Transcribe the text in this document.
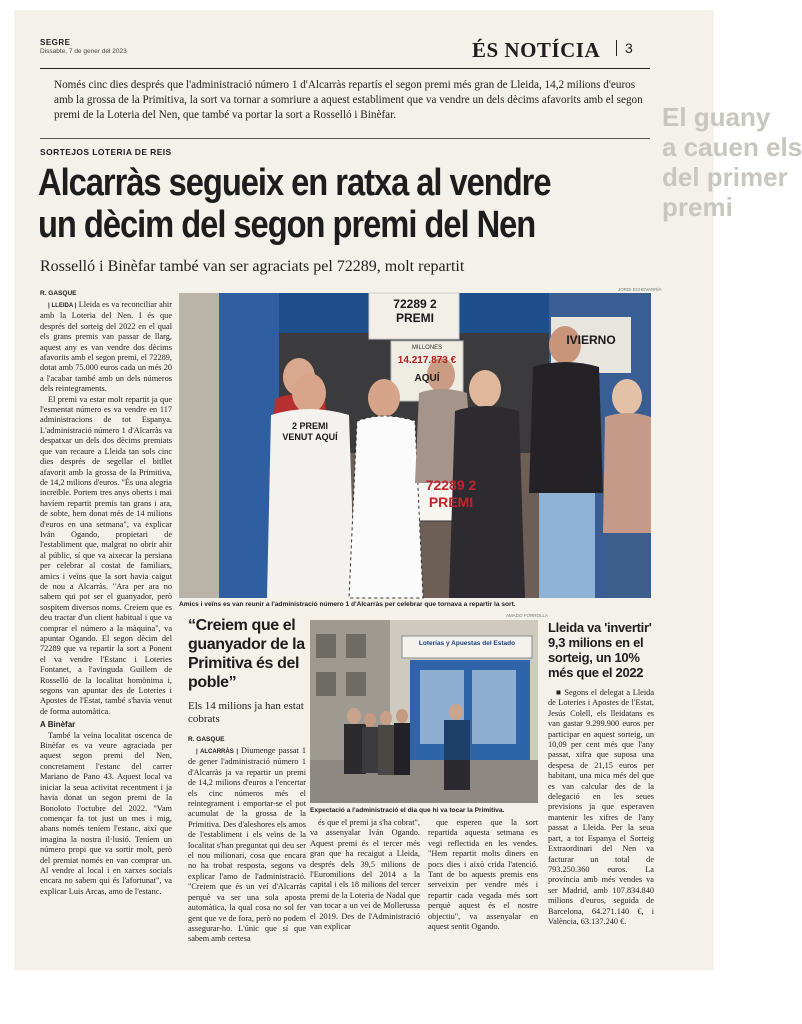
El guany
a cauen els
del primer
premi
SEGRE
Dissabte, 7 de gener del 2023	ÉS NOTÍCIA	3
Només cinc dies després que l'administració número 1 d'Alcarràs repartís el segon premi més gran de Lleida, 14,2 milions d'euros amb la grossa de la Primitiva, la sort va tornar a somriure a aquest establiment que va vendre un dels dècims afavorits amb el segon premi de la Loteria del Nen, que també va portar la sort a Rosselló i Binèfar.
SORTEJOS LOTERIA DE REIS
Alcarràs segueix en ratxa al vendre un dècim del segon premi del Nen
Rosselló i Binèfar també van ser agraciats pel 72289, molt repartit
JORDI ECHEVARRÍA
R. GASQUE

| LLEIDA | Lleida es va reconciliar ahir amb la Loteria del Nen. I és que després del sorteig del 2022 en el qual els grans premis van passar de llarg, aquest any es van vendre dos dècims afavorits amb el segon premi, el 72289, dotat amb 75.000 euros cada un més 20 a l'acabar també amb un dels números dels reintegraments.

El premi va estar molt repartit ja que l'esmentat número es va vendre en 117 administracions de tot Espanya. L'administració número 1 d'Alcarràs va despatxar un dels dos dècims premiats que van recaure a Lleida tan sols cinc dies després de segellar el bitllet afavorit amb la grossa de la Primitiva, de 14,2 milions d'euros. "És una alegria increïble. Portem tres anys oberts i mai havíem repartit premis tan grans i ara, de sobte, hem donat més de 14 milions d'euros en una setmana", va explicar Iván Ogando, propietari de l'establiment que, malgrat no obrir ahir al públic, sí que va aixecar la persiana per celebrar al costat de familiars, amics i veïns que la sort havia caigut de nou a Alcarràs. "Ara per ara no sabem qui pot ser el guanyador, però sospitem diversos noms. Creiem que es deu tractar d'un client habitual i que va comprar el número a la màquina", va apuntar Ogando. El segon dècim del 72289 que va repartir la sort a Ponent el va vendre l'Estanc i Loteries Fontanet, a l'avinguda Guillem de Rosselló de la localitat homònima i, segons van apuntar des de Loteries i Apostes de l'Estat, també s'havia venut de forma automàtica.

A Binèfar

També la veïna localitat oscenca de Binèfar es va veure agraciada per aquest segon premi del Nen, concretament l'estanc del carrer Mariano de Pano 43. Aquest local va iniciar la seua activitat recentment i ja havia donat un segon premi de la Bonoloto l'octubre del 2022. "Vam començar fa tot just un mes i mig, abans només teníem l'estanc, així que imagina la nostra il·lusió. Teníem un número propi que va sortir molt, però del premiat només en van comprar un. Al vendre al local i en xarxes socials encara no sabem qui és l'afortunat", va explicar Luis Arcas, amo de l'estanc.

72289 2 PREMI
MILLONES
14.217.873 €
AQUÍ
2 PREMI VENUT AQUÍ
72289 2 PREMI
IVIERNO
Amics i veïns es van reunir a l'administració número 1 d'Alcarràs per celebrar que tornava a repartir la sort.
“Creiem que el guanyador de la Primitiva és del poble”
Els 14 milions ja han estat cobrats
R. GASQUE

| ALCARRÀS | Diumenge passat 1 de gener l'administració número 1 d'Alcarràs ja va repartir un premi de 14,2 milions d'euros a l'encertar els cinc números més el reintegrament i emportar-se el pot acumulat de la grossa de la Primitiva. Des d'aleshores els amos de l'establiment i els veïns de la localitat s'han preguntat qui deu ser el nou milionari, cosa que encara no ha trobat resposta, segons va explicar l'amo de l'administració. "Creiem que és un veí d'Alcarràs perquè va ser una sola aposta automàtica, la qual cosa no sol fer gent que ve de fora, però no podem assegurar-ho. L'únic que sí que sabem amb certesa

AMADO FORROLLA
Loterías y Apuestas del Estado
Expectació a l'administració el dia que hi va tocar la Primitiva.

és que el premi ja s'ha cobrat", va assenyalar Iván Ogando. Aquest premi és el tercer més gran que ha recaigut a Lleida, després dels 39,5 milions de l'Euromilions del 2014 a la capital i els 18 milions del tercer premi de la Loteria de Nadal que van tocar a un veí de Mollerussa el 2019. Des de l'Administració van explicar

que esperen que la sort repartida aquesta setmana es vegi reflectida en les vendes. "Hem repartit molts diners en pocs dies i això crida l'atenció. Tant de bo aquests premis ens serveixin per vendre més i repartir cada vegada més sort perquè aquest és el nostre objectiu", va assenyalar en aquest sentit Ogando.

Lleida va 'invertir' 9,3 milions en el sorteig, un 10% més que el 2022

■ Segons el delegat a Lleida de Loteries i Apostes de l'Estat, Jesús Colell, els lleidatans es van gastar 9.299.900 euros per participar en aquest sorteig, un 10,09 per cent més que l'any passat, xifra que suposa una despesa de 21,15 euros per habitant, una mica més del que es van calcular des de la delegació en les seues previsions ja que esperaven mantenir les xifres de l'any passat a Lleida. Per la seua part, a tot Espanya el Sorteig Extraordinari del Nen va facturar un total de 793.250.360 euros. La província amb més vendes va ser Madrid, amb 107.834.840 milions d'euros, seguida de Barcelona, 64.271.140 €, i València, 63.137.240 €.
